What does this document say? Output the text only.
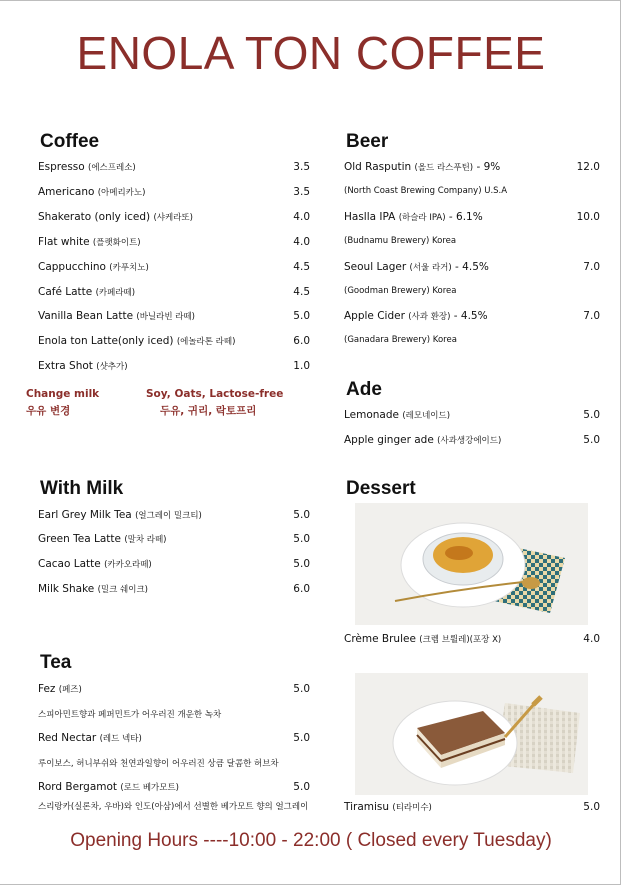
ENOLA TON COFFEE
Coffee
Espresso (에스프레소)	3.5
Americano (아메리카노)	3.5
Shakerato (only iced) (샤케라또)	4.0
Flat white (플랫화이트)	4.0
Cappucchino (카푸치노)	4.5
Café Latte (카페라떼)	4.5
Vanilla Bean Latte (바닐라빈 라떼)	5.0
Enola ton Latte(only iced) (에놀라톤 라떼)	6.0
Extra Shot (샷추가)	1.0
Change milk
우유 변경
Soy, Oats, Lactose-free
두유, 귀리, 락토프리
With Milk
Earl Grey Milk Tea (얼그레이 밀크티)	5.0
Green Tea Latte (말차 라떼)	5.0
Cacao Latte (카카오라떼)	5.0
Milk Shake (밀크 쉐이크)	6.0
Tea
Fez (페즈)	5.0
스피아민트향과 페퍼민트가 어우러진 개운한 녹차
Red Nectar (레드 넥타)	5.0
루이보스, 허니부쉬와 천연과일향이 어우러진 상큼 달콤한 허브차
Rord Bergamot (로드 베가모트)	5.0
스리랑카(실론차, 우바)와 인도(아삼)에서 선별한 베가모트 향의 얼그레이
Beer
Old Rasputin (올드 라스푸틴) - 9%	12.0
(North Coast Brewing Company) U.S.A
Haslla IPA (하슬라 IPA) - 6.1%	10.0
(Budnamu Brewery) Korea
Seoul Lager (서울 라거) - 4.5%	7.0
(Goodman Brewery) Korea
Apple Cider (사과 환장) - 4.5%	7.0
(Ganadara Brewery) Korea
Ade
Lemonade (레모네이드)	5.0
Apple ginger ade (사과생강에이드)	5.0
Dessert
Crème Brulee (크렘 브륄레)(포장 X)	4.0
Tiramisu (티라미수)	5.0
Opening Hours ----10:00 - 22:00 ( Closed every Tuesday)
